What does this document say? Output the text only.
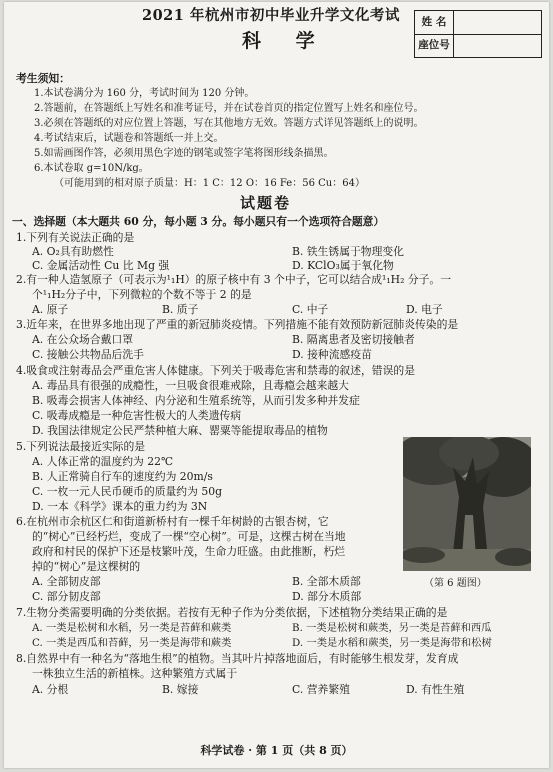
2021 年杭州市初中毕业升学文化考试
科 学
姓 名
座位号
考生须知：
1.本试卷满分为 160 分，考试时间为 120 分钟。
2.答题前，在答题纸上写姓名和准考证号，并在试卷首页的指定位置写上姓名和座位号。
3.必须在答题纸的对应位置上答题，写在其他地方无效。答题方式详见答题纸上的说明。
4.考试结束后，试题卷和答题纸一并上交。
5.如需画图作答，必须用黑色字迹的钢笔或签字笔将图形线条描黑。
6.本试卷取 g=10N/kg。
（可能用到的相对原子质量：H：1 C：12 O：16 Fe：56 Cu：64）
试题卷
一、选择题（本大题共 60 分，每小题 3 分。每小题只有一个选项符合题意）
1.下列有关说法正确的是
A. O₂具有助燃性	B. 铁生锈属于物理变化
C. 金属活动性 Cu 比 Mg 强	D. KClO₃属于氧化物
2.有一种人造氢原子（可表示为¹₁H）的原子核中有 3 个中子，它可以结合成¹₁H₂ 分子。一
个¹₁H₂分子中，下列微粒的个数不等于 2 的是
A. 原子	B. 质子	C. 中子	D. 电子
3.近年来，在世界多地出现了严重的新冠肺炎疫情。下列措施不能有效预防新冠肺炎传染的是
A. 在公众场合戴口罩	B. 隔离患者及密切接触者
C. 接触公共物品后洗手	D. 接种流感疫苗
4.吸食或注射毒品会严重危害人体健康。下列关于吸毒危害和禁毒的叙述，错误的是
A. 毒品具有很强的成瘾性，一旦吸食很难戒除，且毒瘾会越来越大
B. 吸毒会损害人体神经、内分泌和生殖系统等，从而引发多种并发症
C. 吸毒成瘾是一种危害性极大的人类遗传病
D. 我国法律规定公民严禁种植大麻、罂粟等能提取毒品的植物
5.下列说法最接近实际的是
A. 人体正常的温度约为 22℃
B. 人正常骑自行车的速度约为 20m/s
C. 一枚一元人民币硬币的质量约为 50g
D. 一本《科学》课本的重力约为 3N
（第 6 题图）
6.在杭州市余杭区仁和街道新桥村有一棵千年树龄的古银杏树，它
的“树心”已经朽烂，变成了一棵“空心树”。可是，这棵古树在当地
政府和村民的保护下还是枝繁叶茂，生命力旺盛。由此推断，朽烂
掉的“树心”是这棵树的
A. 全部韧皮部	B. 全部木质部
C. 部分韧皮部	D. 部分木质部
7.生物分类需要明确的分类依据。若按有无种子作为分类依据，下述植物分类结果正确的是
A. 一类是松树和水稻，另一类是苔藓和蕨类	B. 一类是松树和蕨类，另一类是苔藓和西瓜
C. 一类是西瓜和苔藓，另一类是海带和蕨类	D. 一类是水稻和蕨类，另一类是海带和松树
8.自然界中有一种名为“落地生根”的植物。当其叶片掉落地面后，有时能够生根发芽，发育成
一株独立生活的新植株。这种繁殖方式属于
A. 分根	B. 嫁接	C. 营养繁殖	D. 有性生殖
科学试卷 · 第 1 页（共 8 页）
